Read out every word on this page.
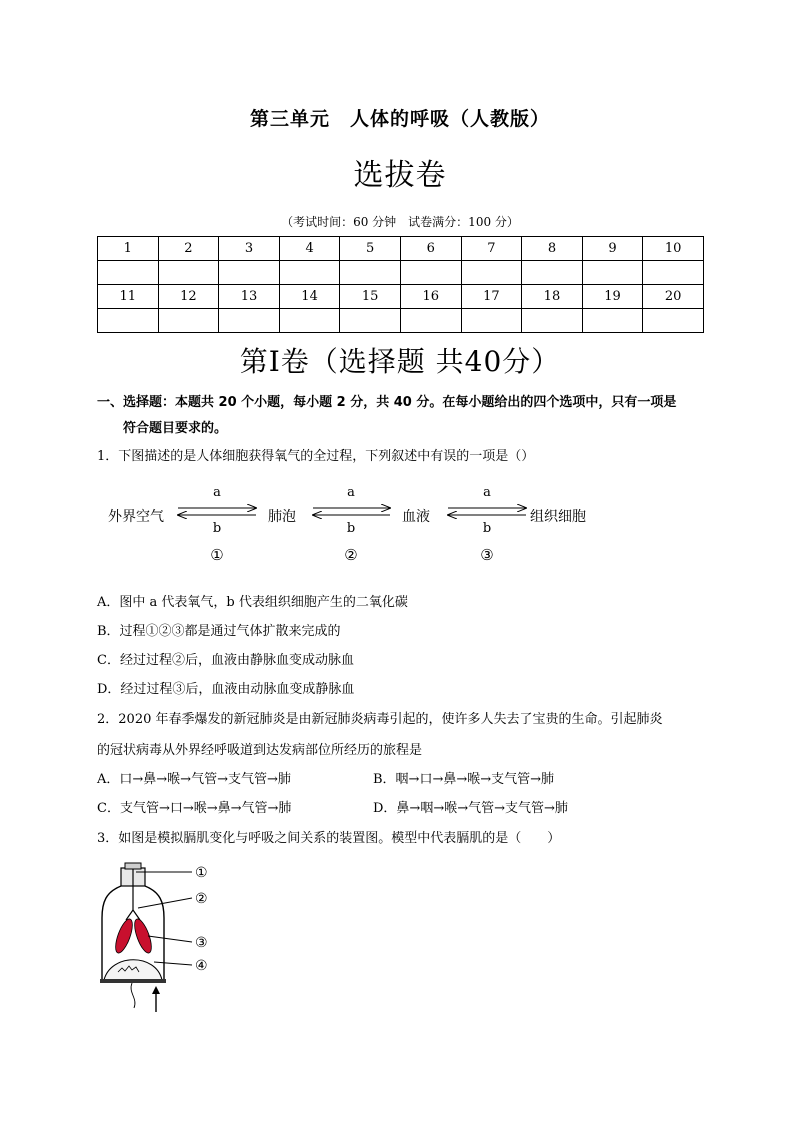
第三单元　人体的呼吸（人教版）
选拔卷
（考试时间：60 分钟　试卷满分：100 分）
1	2	3	4	5	6	7	8	9	10

11	12	13	14	15	16	17	18	19	20

第Ⅰ卷（选择题 共40分）
一、选择题：本题共 20 个小题，每小题 2 分，共 40 分。在每小题给出的四个选项中，只有一项是
符合题目要求的。
1．下图描述的是人体细胞获得氧气的全过程，下列叙述中有误的一项是（）
外界空气	肺泡	血液	组织细胞
a	a	a
b	b	b
①	②	③
A．图中 a 代表氧气，b 代表组织细胞产生的二氧化碳
B．过程①②③都是通过气体扩散来完成的
C．经过过程②后，血液由静脉血变成动脉血
D．经过过程③后，血液由动脉血变成静脉血
2．2020 年春季爆发的新冠肺炎是由新冠肺炎病毒引起的，使许多人失去了宝贵的生命。引起肺炎
的冠状病毒从外界经呼吸道到达发病部位所经历的旅程是
A．口→鼻→喉→气管→支气管→肺	B．咽→口→鼻→喉→支气管→肺
C．支气管→口→喉→鼻→气管→肺	D．鼻→咽→喉→气管→支气管→肺
3．如图是模拟膈肌变化与呼吸之间关系的装置图。模型中代表膈肌的是（　　）
①
②
③
④
